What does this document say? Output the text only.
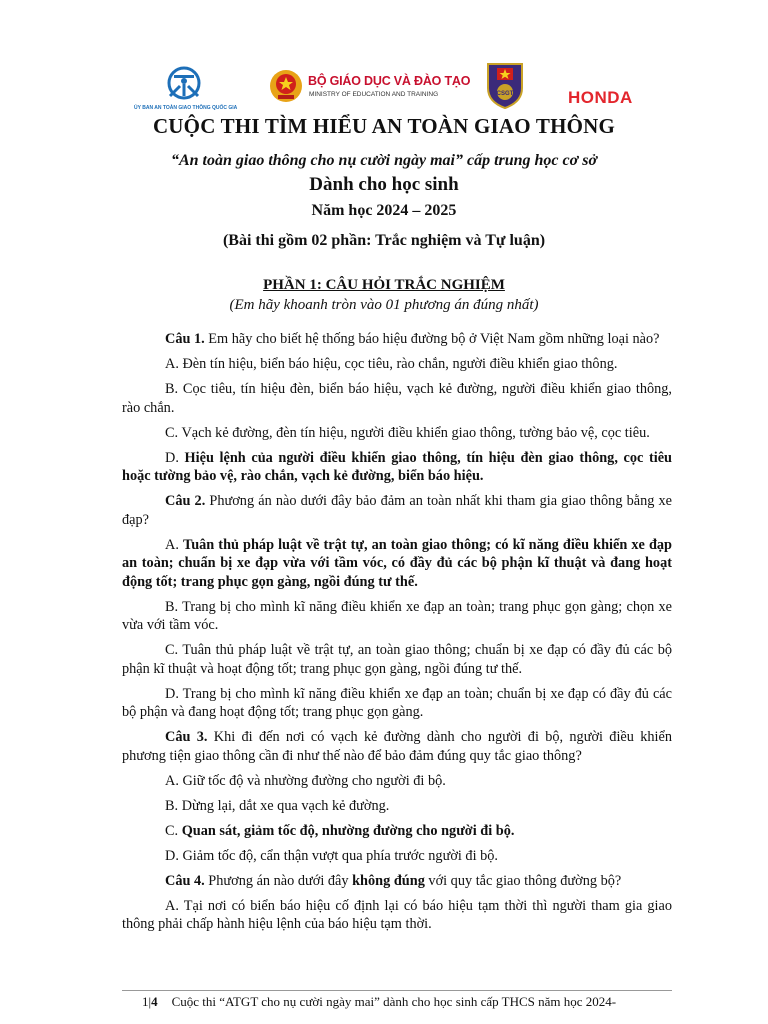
ỦY BAN AN TOÀN GIAO THÔNG QUỐC GIA
BỘ GIÁO DỤC VÀ ĐÀO TẠO
MINISTRY OF EDUCATION AND TRAINING	CSGT	HONDA
CUỘC THI TÌM HIỂU AN TOÀN GIAO THÔNG
“An toàn giao thông cho nụ cười ngày mai” cấp trung học cơ sở
Dành cho học sinh
Năm học 2024 – 2025
(Bài thi gồm 02 phần: Trắc nghiệm và Tự luận)
PHẦN 1: CÂU HỎI TRẮC NGHIỆM
(Em hãy khoanh tròn vào 01 phương án đúng nhất)

Câu 1. Em hãy cho biết hệ thống báo hiệu đường bộ ở Việt Nam gồm những loại nào?

A. Đèn tín hiệu, biển báo hiệu, cọc tiêu, rào chắn, người điều khiển giao thông.

B. Cọc tiêu, tín hiệu đèn, biển báo hiệu, vạch kẻ đường, người điều khiển giao thông, rào chắn.

C. Vạch kẻ đường, đèn tín hiệu, người điều khiển giao thông, tường bảo vệ, cọc tiêu.

D. Hiệu lệnh của người điều khiển giao thông, tín hiệu đèn giao thông, cọc tiêu hoặc tường bảo vệ, rào chắn, vạch kẻ đường, biển báo hiệu.

Câu 2. Phương án nào dưới đây bảo đảm an toàn nhất khi tham gia giao thông bằng xe đạp?

A. Tuân thủ pháp luật về trật tự, an toàn giao thông; có kĩ năng điều khiển xe đạp an toàn; chuẩn bị xe đạp vừa với tầm vóc, có đầy đủ các bộ phận kĩ thuật và đang hoạt động tốt; trang phục gọn gàng, ngồi đúng tư thế.

B. Trang bị cho mình kĩ năng điều khiển xe đạp an toàn; trang phục gọn gàng; chọn xe vừa với tầm vóc.

C. Tuân thủ pháp luật về trật tự, an toàn giao thông; chuẩn bị xe đạp có đầy đủ các bộ phận kĩ thuật và hoạt động tốt; trang phục gọn gàng, ngồi đúng tư thế.

D. Trang bị cho mình kĩ năng điều khiển xe đạp an toàn; chuẩn bị xe đạp có đầy đủ các bộ phận và đang hoạt động tốt; trang phục gọn gàng.

Câu 3. Khi đi đến nơi có vạch kẻ đường dành cho người đi bộ, người điều khiển phương tiện giao thông cần đi như thế nào để bảo đảm đúng quy tắc giao thông?

A. Giữ tốc độ và nhường đường cho người đi bộ.

B. Dừng lại, dắt xe qua vạch kẻ đường.

C. Quan sát, giảm tốc độ, nhường đường cho người đi bộ.

D. Giảm tốc độ, cẩn thận vượt qua phía trước người đi bộ.

Câu 4. Phương án nào dưới đây không đúng với quy tắc giao thông đường bộ?

A. Tại nơi có biển báo hiệu cố định lại có báo hiệu tạm thời thì người tham gia giao thông phải chấp hành hiệu lệnh của báo hiệu tạm thời.

1|4 Cuộc thi “ATGT cho nụ cười ngày mai” dành cho học sinh cấp THCS năm học 2024-
